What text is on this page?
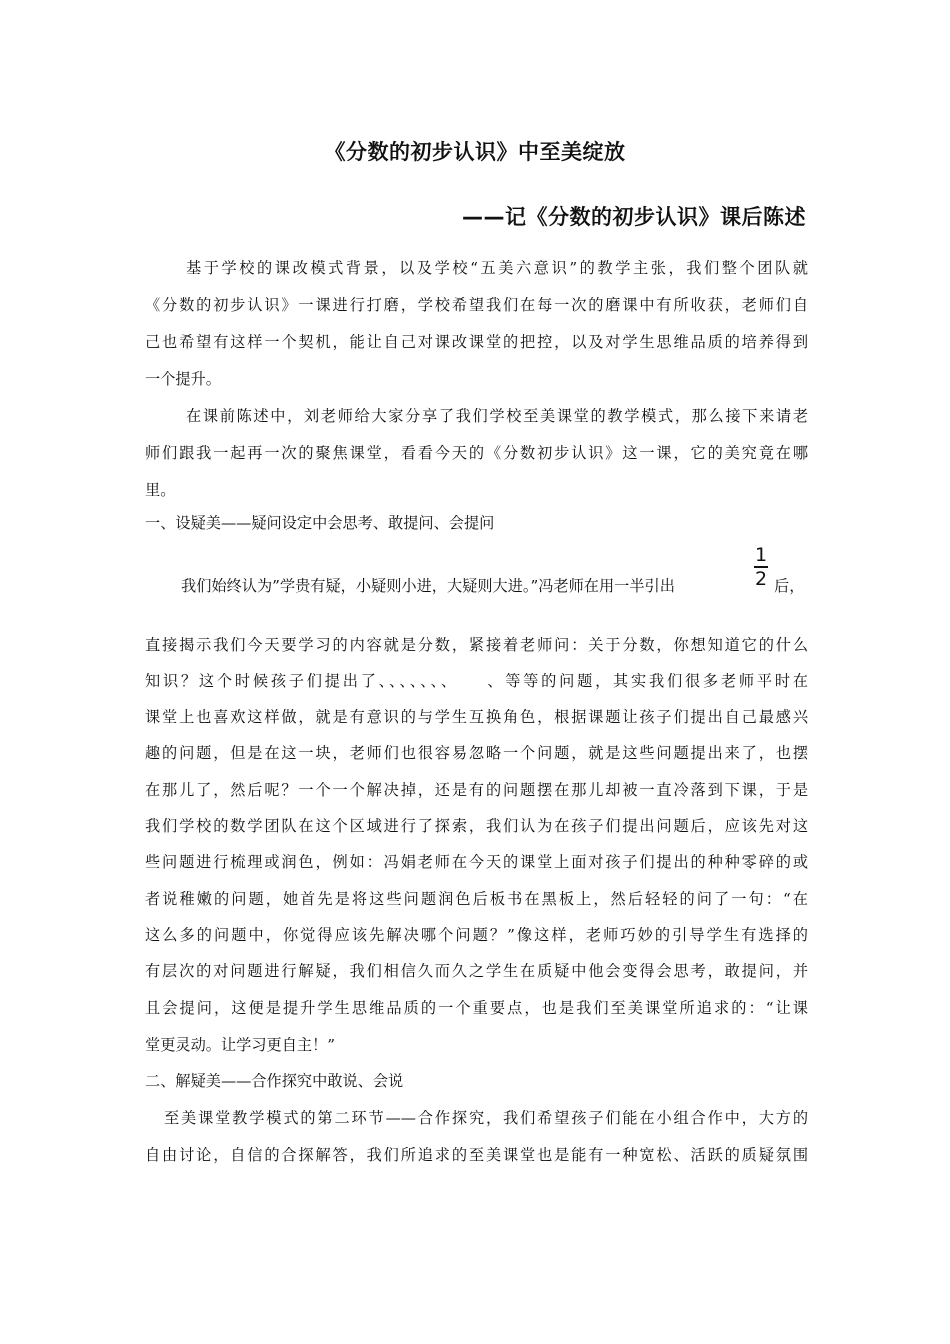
《分数的初步认识》中至美绽放
——记《分数的初步认识》课后陈述
基于学校的课改模式背景，以及学校“五美六意识”的教学主张，我们整个团队就
《分数的初步认识》一课进行打磨，学校希望我们在每一次的磨课中有所收获，老师们自
己也希望有这样一个契机，能让自己对课改课堂的把控，以及对学生思维品质的培养得到
一个提升。
在课前陈述中，刘老师给大家分享了我们学校至美课堂的教学模式，那么接下来请老
师们跟我一起再一次的聚焦课堂，看看今天的《分数初步认识》这一课，它的美究竟在哪
里。
一、设疑美——疑问设定中会思考、敢提问、会提问
我们始终认为”学贵有疑，小疑则小进，大疑则大进。”冯老师在用一半引出
1
2 后，
直接揭示我们今天要学习的内容就是分数，紧接着老师问：关于分数，你想知道它的什么
知识？这个时候孩子们提出了、、、、、、、　　、等等的问题，其实我们很多老师平时在
课堂上也喜欢这样做，就是有意识的与学生互换角色，根据课题让孩子们提出自己最感兴
趣的问题，但是在这一块，老师们也很容易忽略一个问题，就是这些问题提出来了，也摆
在那儿了，然后呢？一个一个解决掉，还是有的问题摆在那儿却被一直冷落到下课，于是
我们学校的数学团队在这个区域进行了探索，我们认为在孩子们提出问题后，应该先对这
些问题进行梳理或润色，例如：冯娟老师在今天的课堂上面对孩子们提出的种种零碎的或
者说稚嫩的问题，她首先是将这些问题润色后板书在黑板上，然后轻轻的问了一句：“在
这么多的问题中，你觉得应该先解决哪个问题？”像这样，老师巧妙的引导学生有选择的
有层次的对问题进行解疑，我们相信久而久之学生在质疑中他会变得会思考，敢提问，并
且会提问，这便是提升学生思维品质的一个重要点，也是我们至美课堂所追求的：“让课
堂更灵动。让学习更自主！”
二、解疑美——合作探究中敢说、会说
至美课堂教学模式的第二环节——合作探究，我们希望孩子们能在小组合作中，大方的
自由讨论，自信的合探解答，我们所追求的至美课堂也是能有一种宽松、活跃的质疑氛围
